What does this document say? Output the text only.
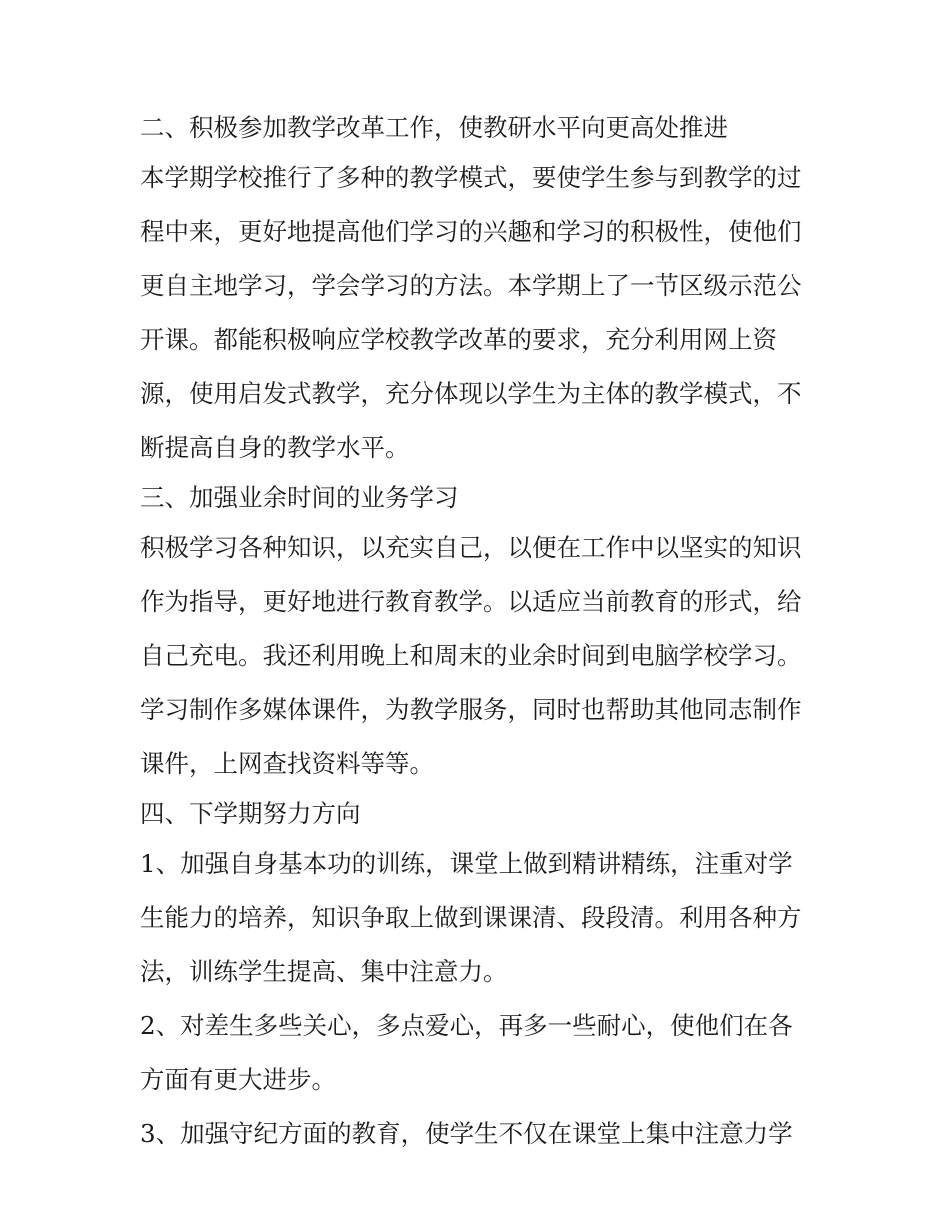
二、积极参加教学改革工作，使教研水平向更高处推进
本学期学校推行了多种的教学模式，要使学生参与到教学的过
程中来，更好地提高他们学习的兴趣和学习的积极性，使他们
更自主地学习，学会学习的方法。本学期上了一节区级示范公
开课。都能积极响应学校教学改革的要求，充分利用网上资
源，使用启发式教学，充分体现以学生为主体的教学模式，不
断提高自身的教学水平。
三、加强业余时间的业务学习
积极学习各种知识，以充实自己，以便在工作中以坚实的知识
作为指导，更好地进行教育教学。以适应当前教育的形式，给
自己充电。我还利用晚上和周末的业余时间到电脑学校学习。
学习制作多媒体课件，为教学服务，同时也帮助其他同志制作
课件，上网查找资料等等。
四、下学期努力方向
1、加强自身基本功的训练，课堂上做到精讲精练，注重对学
生能力的培养，知识争取上做到课课清、段段清。利用各种方
法，训练学生提高、集中注意力。
2、对差生多些关心，多点爱心，再多一些耐心，使他们在各
方面有更大进步。
3、加强守纪方面的教育，使学生不仅在课堂上集中注意力学
